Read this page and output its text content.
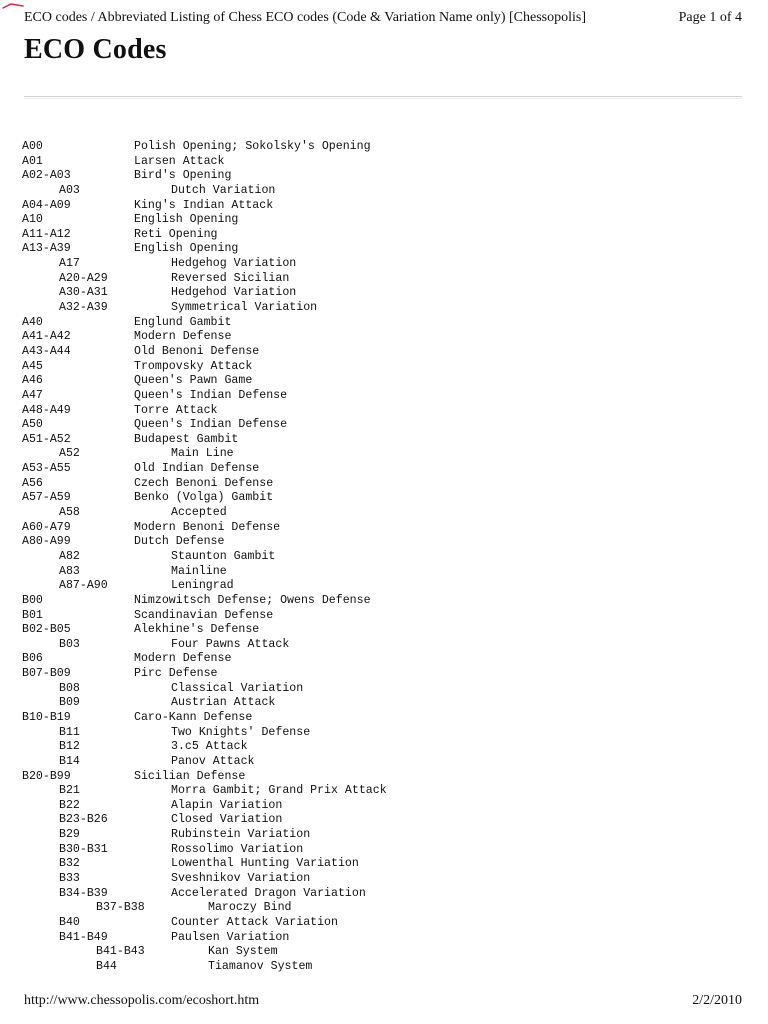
ECO codes / Abbreviated Listing of Chess ECO codes (Code & Variation Name only) [Chessopolis]	Page 1 of 4
ECO Codes
A00	Polish Opening; Sokolsky's Opening
A01	Larsen Attack
A02-A03	Bird's Opening
A03	Dutch Variation
A04-A09	King's Indian Attack
A10	English Opening
A11-A12	Reti Opening
A13-A39	English Opening
A17	Hedgehog Variation
A20-A29	Reversed Sicilian
A30-A31	Hedgehod Variation
A32-A39	Symmetrical Variation
A40	Englund Gambit
A41-A42	Modern Defense
A43-A44	Old Benoni Defense
A45	Trompovsky Attack
A46	Queen's Pawn Game
A47	Queen's Indian Defense
A48-A49	Torre Attack
A50	Queen's Indian Defense
A51-A52	Budapest Gambit
A52	Main Line
A53-A55	Old Indian Defense
A56	Czech Benoni Defense
A57-A59	Benko (Volga) Gambit
A58	Accepted
A60-A79	Modern Benoni Defense
A80-A99	Dutch Defense
A82	Staunton Gambit
A83	Mainline
A87-A90	Leningrad
B00	Nimzowitsch Defense; Owens Defense
B01	Scandinavian Defense
B02-B05	Alekhine's Defense
B03	Four Pawns Attack
B06	Modern Defense
B07-B09	Pirc Defense
B08	Classical Variation
B09	Austrian Attack
B10-B19	Caro-Kann Defense
B11	Two Knights' Defense
B12	3.c5 Attack
B14	Panov Attack
B20-B99	Sicilian Defense
B21	Morra Gambit; Grand Prix Attack
B22	Alapin Variation
B23-B26	Closed Variation
B29	Rubinstein Variation
B30-B31	Rossolimo Variation
B32	Lowenthal Hunting Variation
B33	Sveshnikov Variation
B34-B39	Accelerated Dragon Variation
B37-B38	Maroczy Bind
B40	Counter Attack Variation
B41-B49	Paulsen Variation
B41-B43	Kan System
B44	Tiamanov System
http://www.chessopolis.com/ecoshort.htm	2/2/2010
